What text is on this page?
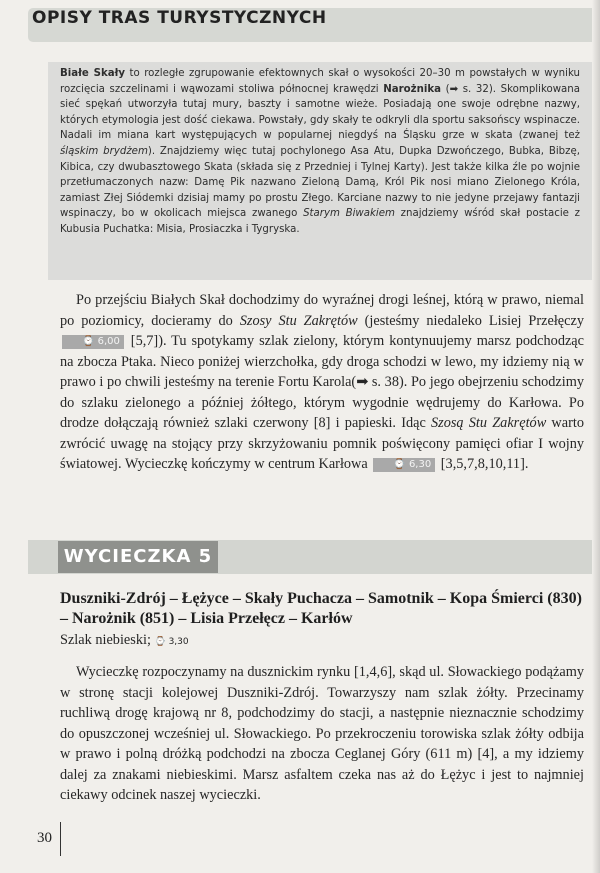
OPISY TRAS TURYSTYCZNYCH
Białe Skały to rozległe zgrupowanie efektownych skał o wysokości 20–30 m powstałych w wyniku rozcięcia szczelinami i wąwozami stoliwa północnej krawędzi Narożnika (➡ s. 32). Skomplikowana sieć spękań utworzyła tutaj mury, baszty i samotne wieże. Posiadają one swoje odrębne nazwy, których etymologia jest dość ciekawa. Powstały, gdy skały te odkryli dla sportu saksońscy wspinacze. Nadali im miana kart występujących w popularnej niegdyś na Śląsku grze w skata (zwanej też śląskim brydżem). Znajdziemy więc tutaj pochylonego Asa Atu, Dupka Dzwończego, Bubka, Bibzę, Kibica, czy dwubasztowego Skata (składa się z Przedniej i Tylnej Karty). Jest także kilka źle po wojnie przetłumaczonych nazw: Damę Pik nazwano Zieloną Damą, Król Pik nosi miano Zielonego Króla, zamiast Złej Siódemki dzisiaj mamy po prostu Złego. Karciane nazwy to nie jedyne przejawy fantazji wspinaczy, bo w okolicach miejsca zwanego Starym Biwakiem znajdziemy wśród skał postacie z Kubusia Puchatka: Misia, Prosiaczka i Tygryska.

Po przejściu Białych Skał dochodzimy do wyraźnej drogi leśnej, którą w prawo, niemal po poziomicy, docieramy do Szosy Stu Zakrętów (jesteśmy niedaleko Lisiej Przełęczy ⌚ 6,00 [5,7]). Tu spotykamy szlak zielony, którym kontynuujemy marsz podchodząc na zbocza Ptaka. Nieco poniżej wierzchołka, gdy droga schodzi w lewo, my idziemy nią w prawo i po chwili jesteśmy na terenie Fortu Karola(➡ s. 38). Po jego obejrzeniu schodzimy do szlaku zielonego a później żółtego, którym wygodnie wędrujemy do Karłowa. Po drodze dołączają również szlaki czerwony [8] i papieski. Idąc Szosą Stu Zakrętów warto zwrócić uwagę na stojący przy skrzyżowaniu pomnik poświęcony pamięci ofiar I wojny światowej. Wycieczkę kończymy w centrum Karłowa ⌚ 6,30 [3,5,7,8,10,11].

WYCIECZKA 5
Duszniki-Zdrój – Łężyce – Skały Puchacza – Samotnik – Kopa Śmierci (830) – Narożnik (851) – Lisia Przełęcz – Karłów
Szlak niebieski; ⌚ 3,30

Wycieczkę rozpoczynamy na dusznickim rynku [1,4,6], skąd ul. Słowackiego podążamy w stronę stacji kolejowej Duszniki-Zdrój. Towarzyszy nam szlak żółty. Przecinamy ruchliwą drogę krajową nr 8, podchodzimy do stacji, a następnie nieznacznie schodzimy do opuszczonej wcześniej ul. Słowackiego. Po przekroczeniu torowiska szlak żółty odbija w prawo i polną dróżką podchodzi na zbocza Ceglanej Góry (611 m) [4], a my idziemy dalej za znakami niebieskimi. Marsz asfaltem czeka nas aż do Łężyc i jest to najmniej ciekawy odcinek naszej wycieczki.

30
